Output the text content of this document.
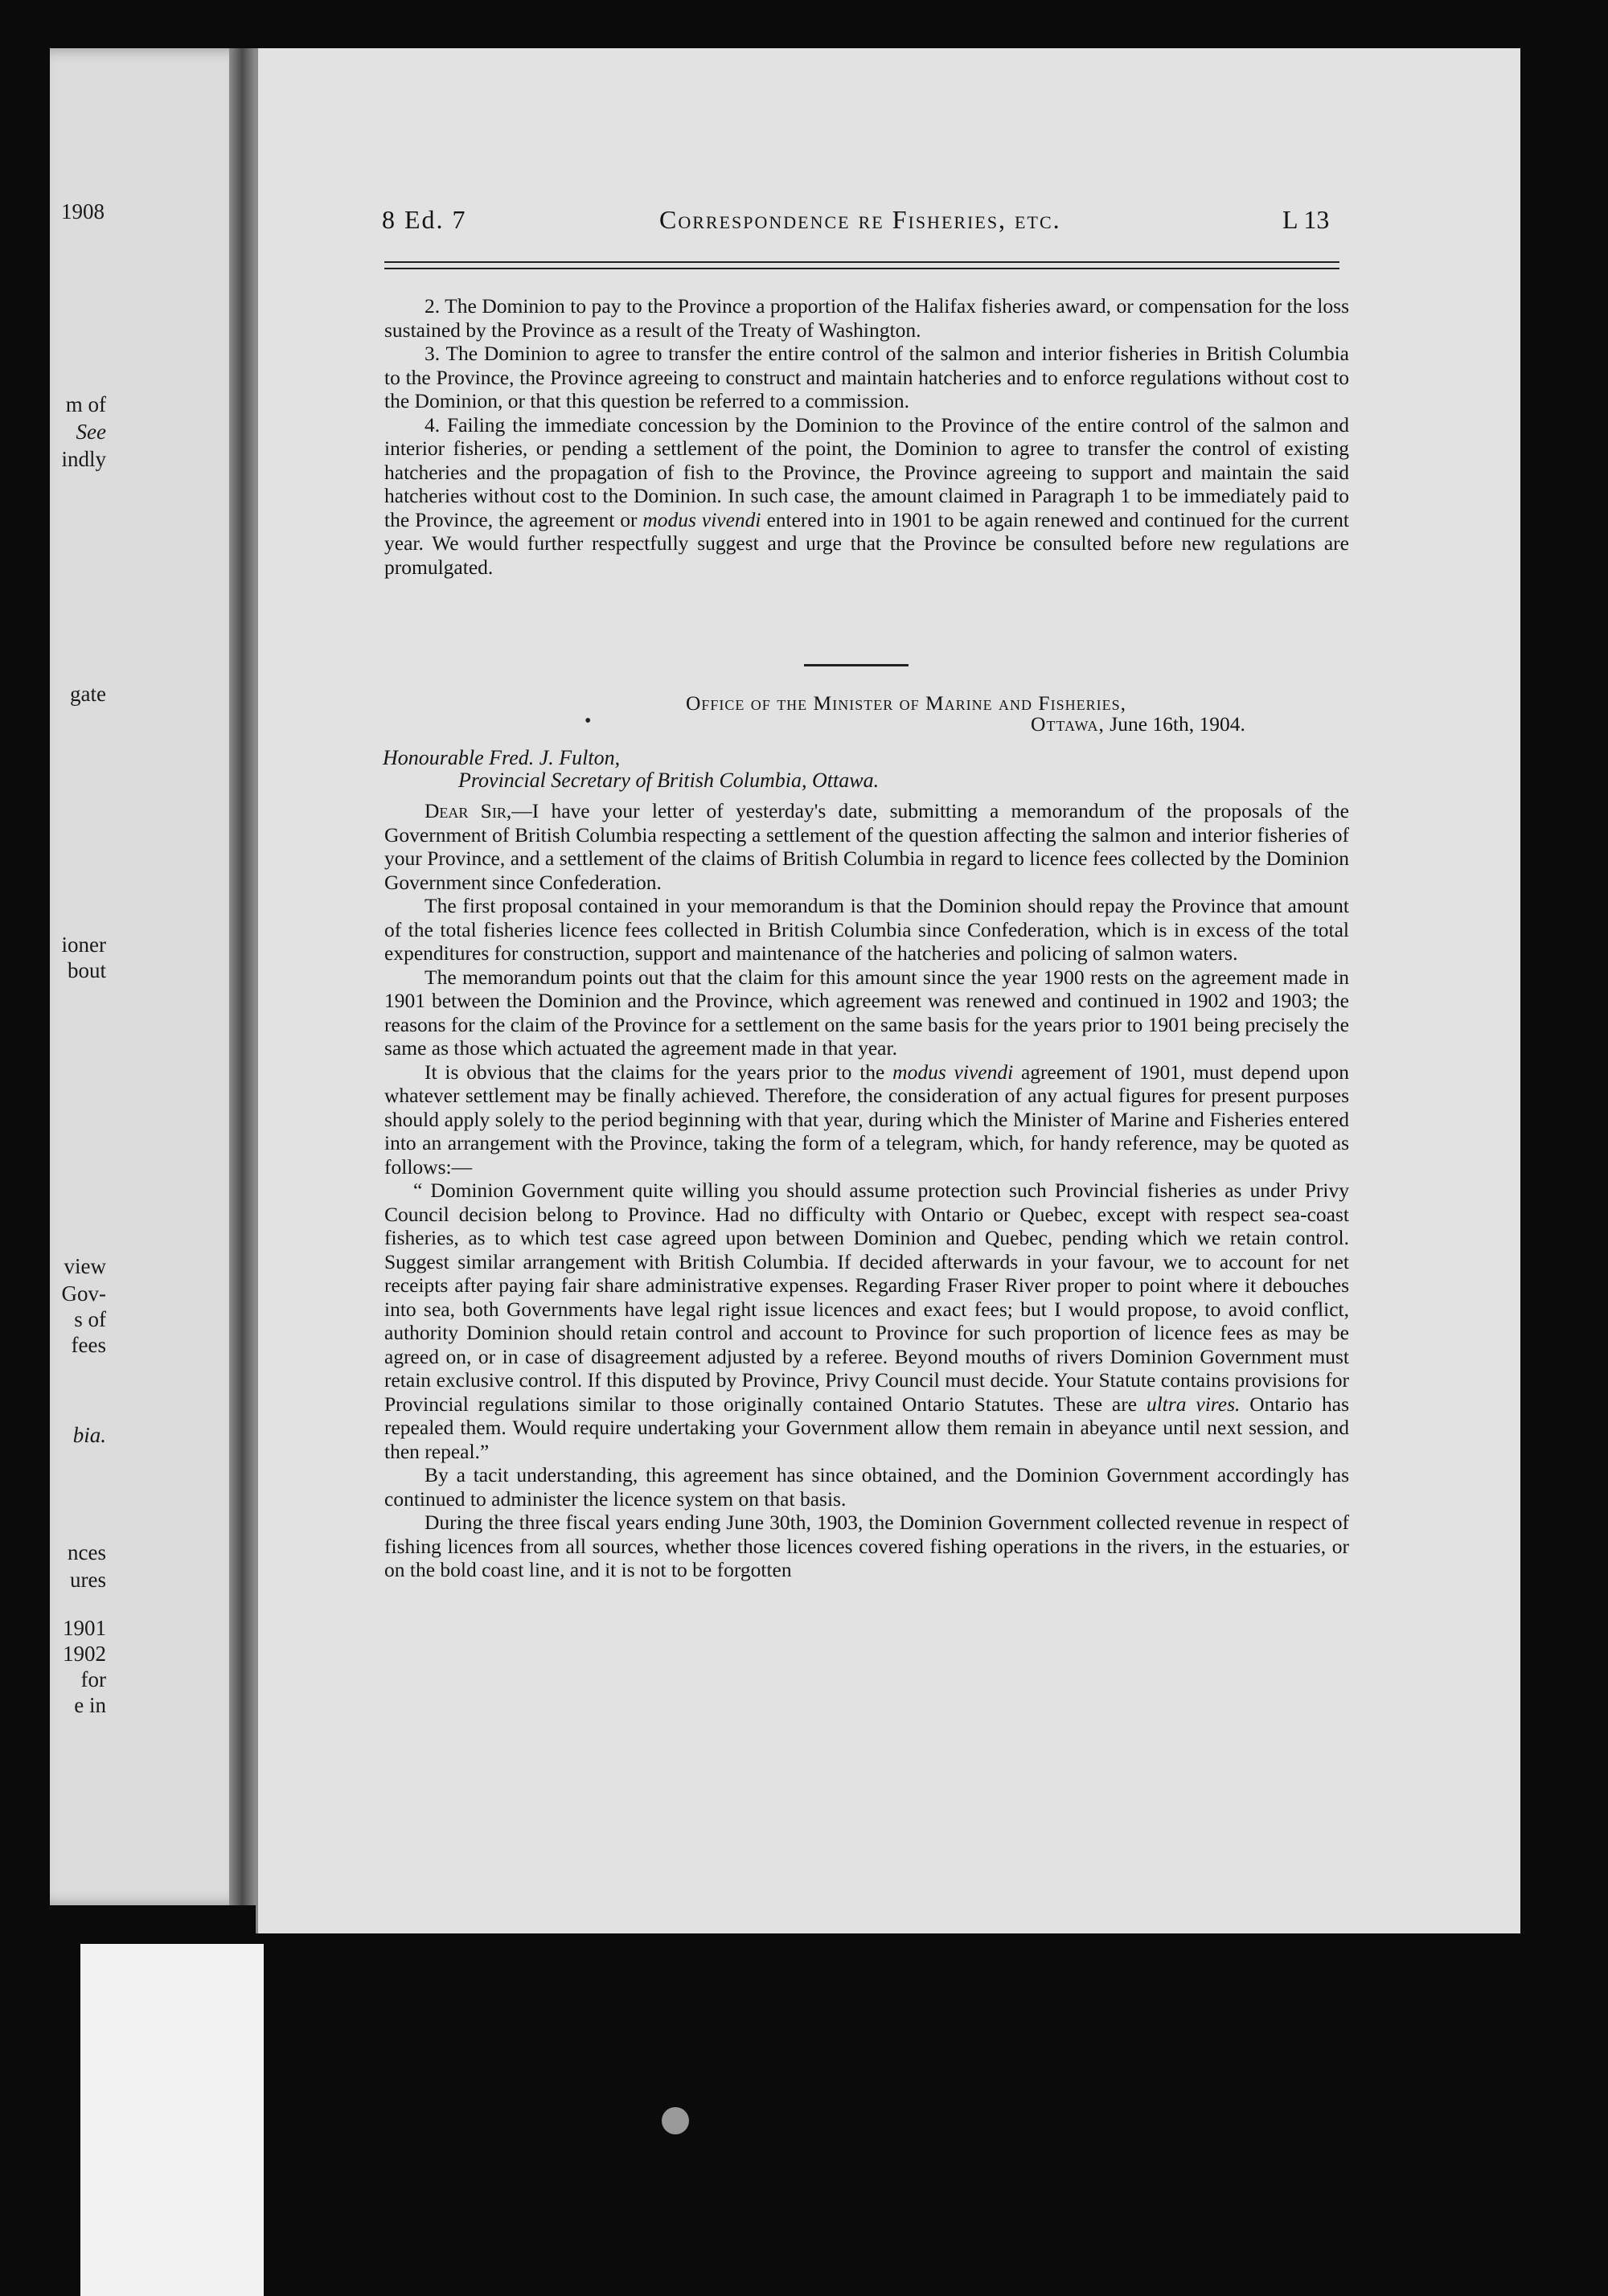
1908
m of
See
indly
gate
ioner
bout
view
Gov-
s of
fees
bia.
nces
ures
1901
1902
for
e in
8 Ed. 7	Correspondence re Fisheries, etc.	L 13

2. The Dominion to pay to the Province a proportion of the Halifax fisheries award, or compensation for the loss sustained by the Province as a result of the Treaty of Washington.

3. The Dominion to agree to transfer the entire control of the salmon and interior fisheries in British Columbia to the Province, the Province agreeing to construct and maintain hatcheries and to enforce regulations without cost to the Dominion, or that this question be referred to a commission.

4. Failing the immediate concession by the Dominion to the Province of the entire control of the salmon and interior fisheries, or pending a settlement of the point, the Dominion to agree to transfer the control of existing hatcheries and the propagation of fish to the Province, the Province agreeing to support and maintain the said hatcheries without cost to the Dominion. In such case, the amount claimed in Paragraph 1 to be immediately paid to the Province, the agreement or modus vivendi entered into in 1901 to be again renewed and continued for the current year. We would further respectfully suggest and urge that the Province be consulted before new regulations are promulgated.

Office of the Minister of Marine and Fisheries,
•	Ottawa, June 16th, 1904.
Honourable Fred. J. Fulton,
Provincial Secretary of British Columbia, Ottawa.

Dear Sir,—I have your letter of yesterday's date, submitting a memorandum of the proposals of the Government of British Columbia respecting a settlement of the question affecting the salmon and interior fisheries of your Province, and a settlement of the claims of British Columbia in regard to licence fees collected by the Dominion Government since Confederation.

The first proposal contained in your memorandum is that the Dominion should repay the Province that amount of the total fisheries licence fees collected in British Columbia since Confederation, which is in excess of the total expenditures for construction, support and maintenance of the hatcheries and policing of salmon waters.

The memorandum points out that the claim for this amount since the year 1900 rests on the agreement made in 1901 between the Dominion and the Province, which agreement was renewed and continued in 1902 and 1903; the reasons for the claim of the Province for a settlement on the same basis for the years prior to 1901 being precisely the same as those which actuated the agreement made in that year.

It is obvious that the claims for the years prior to the modus vivendi agreement of 1901, must depend upon whatever settlement may be finally achieved. Therefore, the consideration of any actual figures for present purposes should apply solely to the period beginning with that year, during which the Minister of Marine and Fisheries entered into an arrangement with the Province, taking the form of a telegram, which, for handy reference, may be quoted as follows:—

“ Dominion Government quite willing you should assume protection such Provincial fisheries as under Privy Council decision belong to Province. Had no difficulty with Ontario or Quebec, except with respect sea-coast fisheries, as to which test case agreed upon between Dominion and Quebec, pending which we retain control. Suggest similar arrangement with British Columbia. If decided afterwards in your favour, we to account for net receipts after paying fair share administrative expenses. Regarding Fraser River proper to point where it debouches into sea, both Governments have legal right issue licences and exact fees; but I would propose, to avoid conflict, authority Dominion should retain control and account to Province for such proportion of licence fees as may be agreed on, or in case of disagreement adjusted by a referee. Beyond mouths of rivers Dominion Government must retain exclusive control. If this disputed by Province, Privy Council must decide. Your Statute contains provisions for Provincial regulations similar to those originally contained Ontario Statutes. These are ultra vires. Ontario has repealed them. Would require undertaking your Government allow them remain in abeyance until next session, and then repeal.”

By a tacit understanding, this agreement has since obtained, and the Dominion Government accordingly has continued to administer the licence system on that basis.

During the three fiscal years ending June 30th, 1903, the Dominion Government collected revenue in respect of fishing licences from all sources, whether those licences covered fishing operations in the rivers, in the estuaries, or on the bold coast line, and it is not to be forgotten
